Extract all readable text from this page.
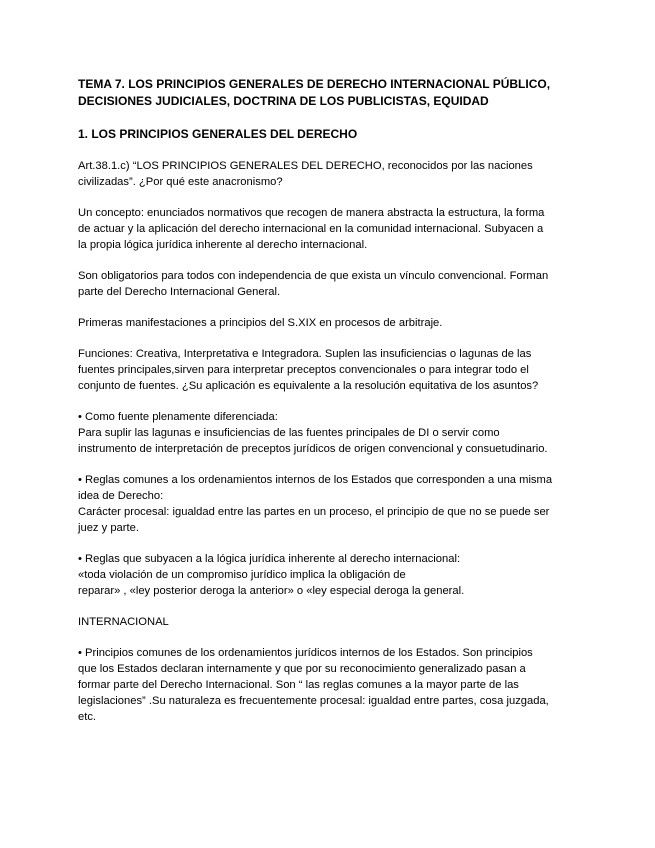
TEMA 7. LOS PRINCIPIOS GENERALES DE DERECHO INTERNACIONAL PÚBLICO,
DECISIONES JUDICIALES, DOCTRINA DE LOS PUBLICISTAS, EQUIDAD
1. LOS PRINCIPIOS GENERALES DEL DERECHO

Art.38.1.c) “LOS PRINCIPIOS GENERALES DEL DERECHO, reconocidos por las naciones
civilizadas”. ¿Por qué este anacronismo?

Un concepto: enunciados normativos que recogen de manera abstracta la estructura, la forma
de actuar y la aplicación del derecho internacional en la comunidad internacional. Subyacen a
la propia lógica jurídica inherente al derecho internacional.

Son obligatorios para todos con independencia de que exista un vínculo convencional. Forman
parte del Derecho Internacional General.

Primeras manifestaciones a principios del S.XIX en procesos de arbitraje.

Funciones: Creativa, Interpretativa e Integradora. Suplen las insuficiencias o lagunas de las
fuentes principales,sirven para interpretar preceptos convencionales o para integrar todo el
conjunto de fuentes. ¿Su aplicación es equivalente a la resolución equitativa de los asuntos?

• Como fuente plenamente diferenciada:
Para suplir las lagunas e insuficiencias de las fuentes principales de DI o servir como
instrumento de interpretación de preceptos jurídicos de origen convencional y consuetudinario.

• Reglas comunes a los ordenamientos internos de los Estados que corresponden a una misma
idea de Derecho:
Carácter procesal: igualdad entre las partes en un proceso, el principio de que no se puede ser
juez y parte.

• Reglas que subyacen a la lógica jurídica inherente al derecho internacional:
«toda violación de un compromiso jurídico implica la obligación de
reparar» , «ley posterior deroga la anterior» o «ley especial deroga la general.

INTERNACIONAL

• Principios comunes de los ordenamientos jurídicos internos de los Estados. Son principios
que los Estados declaran internamente y que por su reconocimiento generalizado pasan a
formar parte del Derecho Internacional. Son “ las reglas comunes a la mayor parte de las
legislaciones” .Su naturaleza es frecuentemente procesal: igualdad entre partes, cosa juzgada,
etc.
